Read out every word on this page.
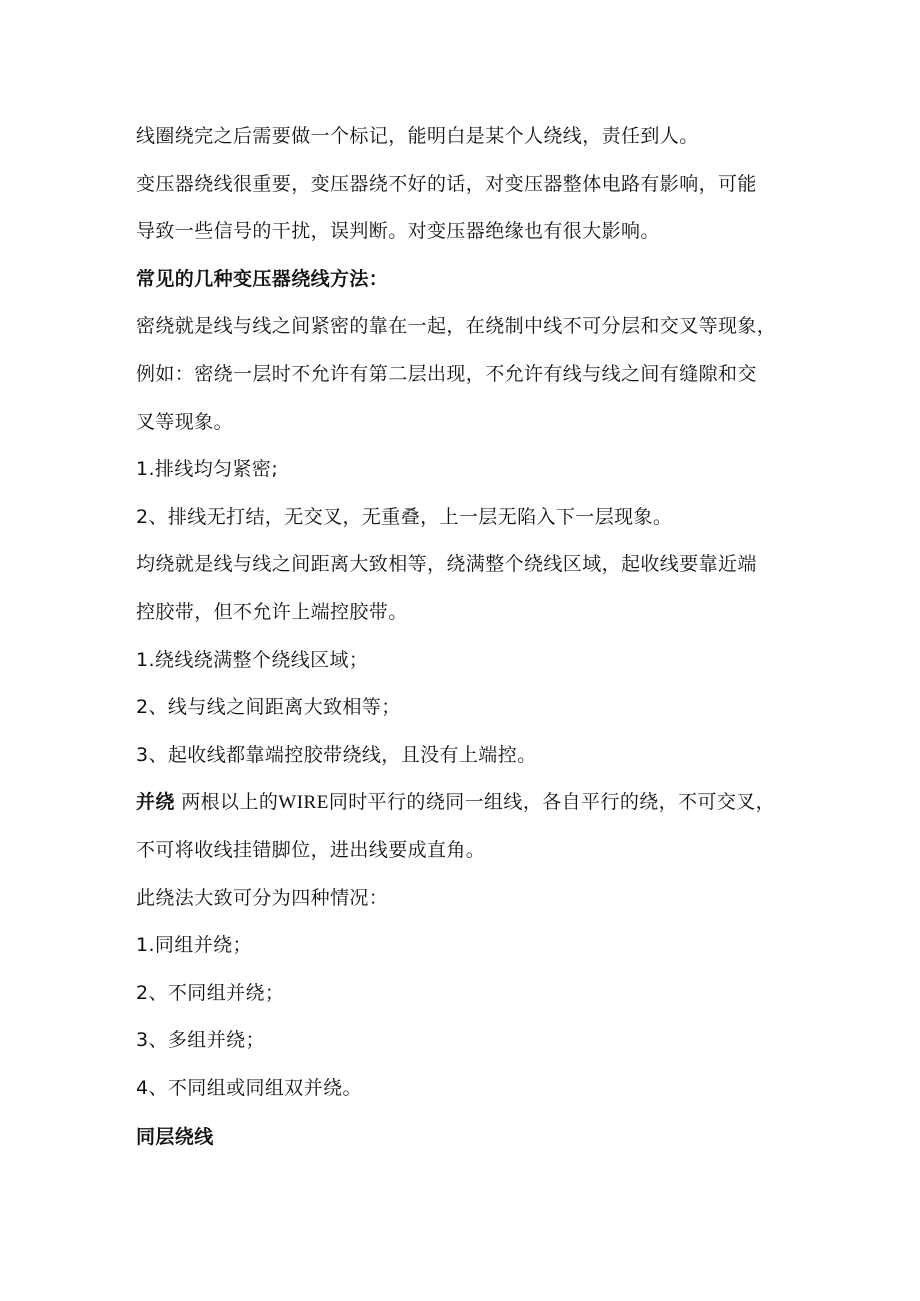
线圈绕完之后需要做一个标记，能明白是某个人绕线，责任到人。
变压器绕线很重要，变压器绕不好的话，对变压器整体电路有影响，可能
导致一些信号的干扰，误判断。对变压器绝缘也有很大影响。
常见的几种变压器绕线方法：
密绕就是线与线之间紧密的靠在一起，在绕制中线不可分层和交叉等现象，
例如：密绕一层时不允许有第二层出现，不允许有线与线之间有缝隙和交
叉等现象。
1.排线均匀紧密;
2、排线无打结，无交叉，无重叠，上一层无陷入下一层现象。
均绕就是线与线之间距离大致相等，绕满整个绕线区域，起收线要靠近端
控胶带，但不允许上端控胶带。
1.绕线绕满整个绕线区域；
2、线与线之间距离大致相等；
3、起收线都靠端控胶带绕线，且没有上端控。
并绕 两根以上的WIRE同时平行的绕同一组线，各自平行的绕，不可交叉，
不可将收线挂错脚位，进出线要成直角。
此绕法大致可分为四种情况：
1.同组并绕；
2、不同组并绕；
3、多组并绕；
4、不同组或同组双并绕。
同层绕线
